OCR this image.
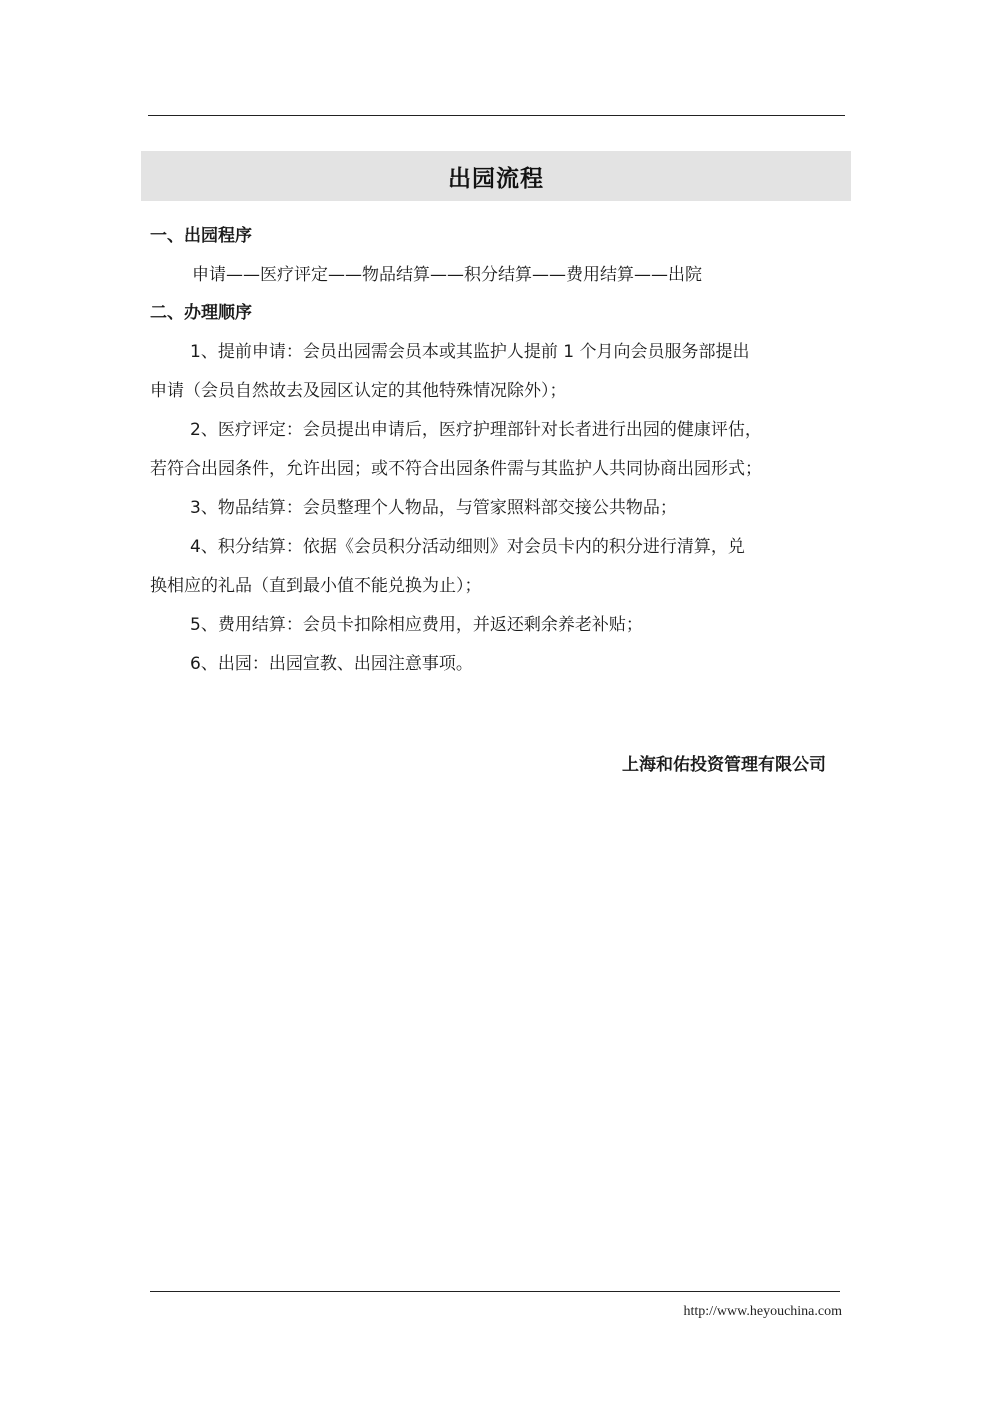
出园流程
一、出园程序
申请——医疗评定——物品结算——积分结算——费用结算——出院
二、办理顺序
1、提前申请：会员出园需会员本或其监护人提前 1 个月向会员服务部提出
申请（会员自然故去及园区认定的其他特殊情况除外）；
2、医疗评定：会员提出申请后，医疗护理部针对长者进行出园的健康评估，
若符合出园条件，允许出园；或不符合出园条件需与其监护人共同协商出园形式；
3、物品结算：会员整理个人物品，与管家照料部交接公共物品；
4、积分结算：依据《会员积分活动细则》对会员卡内的积分进行清算，兑
换相应的礼品（直到最小值不能兑换为止）；
5、费用结算：会员卡扣除相应费用，并返还剩余养老补贴；
6、出园：出园宣教、出园注意事项。
上海和佑投资管理有限公司
http://www.heyouchina.com
